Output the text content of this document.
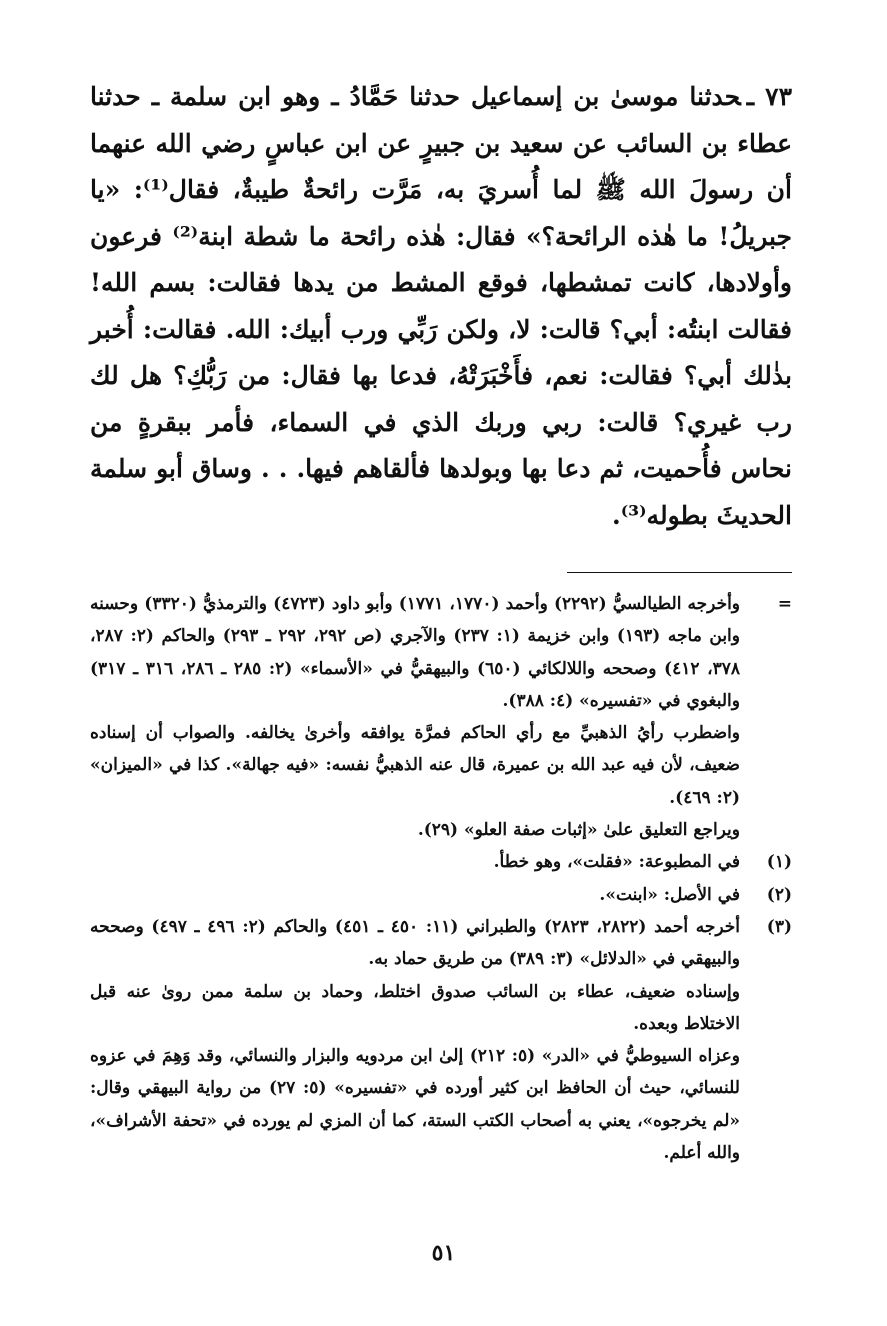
٧٣ ـحدثنا موسىٰ بن إسماعيل حدثنا حَمَّادُ ـ وهو ابن سلمة ـ حدثنا عطاء بن السائب عن سعيد بن جبيرٍ عن ابن عباسٍ رضي الله عنهما أن رسولَ الله ﷺ لما أُسريَ به، مَرَّت رائحةٌ طيبةٌ، فقال⁽¹⁾: «يا جبريلُ! ما هٰذه الرائحة؟» فقال: هٰذه رائحة ما شطة ابنة⁽²⁾ فرعون وأولادها، كانت تمشطها، فوقع المشط من يدها فقالت: بسم الله! فقالت ابنتُه: أبي؟ قالت: لا، ولكن رَبِّي ورب أبيك: الله. فقالت: أُخبر بذٰلك أبي؟ فقالت: نعم، فأَخْبَرَتْهُ، فدعا بها فقال: من رَبُّكِ؟ هل لك رب غيري؟ قالت: ربي وربك الذي في السماء، فأمر ببقرةٍ من نحاس فأُحميت، ثم دعا بها وبولدها فألقاهم فيها. . . وساق أبو سلمة الحديثَ بطوله⁽³⁾.

=

وأخرجه الطيالسيُّ (٢٢٩٢) وأحمد (١٧٧٠، ١٧٧١) وأبو داود (٤٧٢٣) والترمذيُّ (٣٣٢٠) وحسنه وابن ماجه (١٩٣) وابن خزيمة (١: ٢٣٧) والآجري (ص ٢٩٢، ٢٩٢ ـ ٢٩٣) والحاكم (٢: ٢٨٧، ٣٧٨، ٤١٢) وصححه واللالكائي (٦٥٠) والبيهقيُّ في «الأسماء» (٢: ٢٨٥ ـ ٢٨٦، ٣١٦ ـ ٣١٧) والبغوي في «تفسيره» (٤: ٣٨٨).

واضطرب رأيُ الذهبيِّ مع رأي الحاكم فمرَّة يوافقه وأخرىٰ يخالفه. والصواب أن إسناده ضعيف، لأن فيه عبد الله بن عميرة، قال عنه الذهبيُّ نفسه: «فيه جهالة». كذا في «الميزان» (٢: ٤٦٩).

ويراجع التعليق علىٰ «إثبات صفة العلو» (٢٩).

(١)

في المطبوعة: «فقلت»، وهو خطأ.

(٢)

في الأصل: «ابنت».

(٣)

أخرجه أحمد (٢٨٢٢، ٢٨٢٣) والطبراني (١١: ٤٥٠ ـ ٤٥١) والحاكم (٢: ٤٩٦ ـ ٤٩٧) وصححه والبيهقي في «الدلائل» (٣: ٣٨٩) من طريق حماد به.

وإسناده ضعيف، عطاء بن السائب صدوق اختلط، وحماد بن سلمة ممن روىٰ عنه قبل الاختلاط وبعده.

وعزاه السيوطيُّ في «الدر» (٥: ٢١٢) إلىٰ ابن مردويه والبزار والنسائي، وقد وَهِمَ في عزوه للنسائي، حيث أن الحافظ ابن كثير أورده في «تفسيره» (٥: ٢٧) من رواية البيهقي وقال: «لم يخرجوه»، يعني به أصحاب الكتب الستة، كما أن المزي لم يورده في «تحفة الأشراف»، والله أعلم.

٥١
